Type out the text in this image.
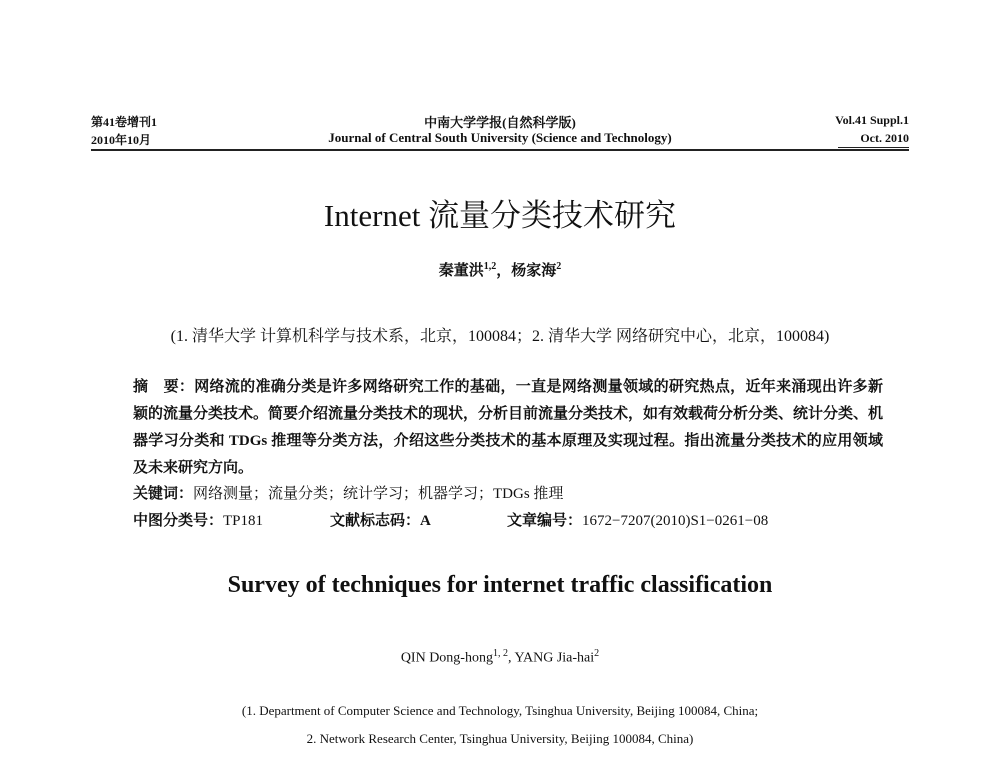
第41卷增刊1
2010年10月
中南大学学报(自然科学版)
Journal of Central South University (Science and Technology)
Vol.41 Suppl.1
Oct. 2010
Internet 流量分类技术研究
秦董洪$^{1,2}$，杨家海$^2$
(1. 清华大学 计算机科学与技术系，北京，100084；2. 清华大学 网络研究中心，北京，100084)
摘　要：网络流的准确分类是许多网络研究工作的基础，一直是网络测量领域的研究热点，近年来涌现出许多新颖的流量分类技术。简要介绍流量分类技术的现状，分析目前流量分类技术，如有效载荷分析分类、统计分类、机器学习分类和 TDGs 推理等分类方法，介绍这些分类技术的基本原理及实现过程。指出流量分类技术的应用领域及未来研究方向。
关键词：网络测量；流量分类；统计学习；机器学习；TDGs 推理
中图分类号：TP181	文献标志码：A	文章编号：1672−7207(2010)S1−0261−08
Survey of techniques for internet traffic classification
QIN Dong-hong$^{1, 2}$, YANG Jia-hai$^2$
(1. Department of Computer Science and Technology, Tsinghua University, Beijing 100084, China;
2. Network Research Center, Tsinghua University, Beijing 100084, China)
